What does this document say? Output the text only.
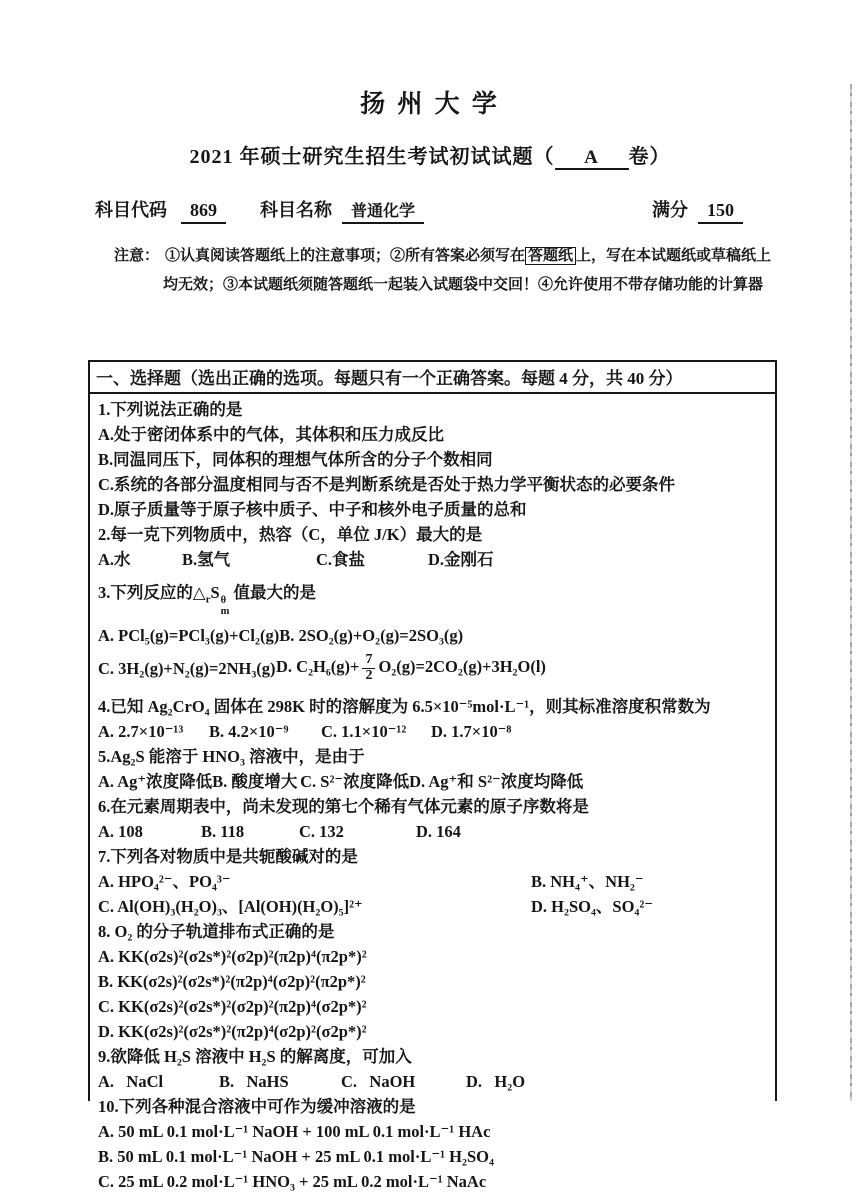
扬 州 大 学
2021 年硕士研究生招生考试初试试题（ A 卷）
科目代码	869	科目名称	普通化学	满分	150
注意： ①认真阅读答题纸上的注意事项；②所有答案必须写在 答题纸 上，写在本试题纸或草稿纸上
均无效；③本试题纸须随答题纸一起装入试题袋中交回！④允许使用不带存储功能的计算器
一、选择题（选出正确的选项。每题只有一个正确答案。每题 4 分，共 40 分）
1.下列说法正确的是
A.处于密闭体系中的气体，其体积和压力成反比
B.同温同压下，同体积的理想气体所含的分子个数相同
C.系统的各部分温度相同与否不是判断系统是否处于热力学平衡状态的必要条件
D.原子质量等于原子核中质子、中子和核外电子质量的总和
2.每一克下列物质中，热容（C，单位 J/K）最大的是
A.水	B.氢气	C.食盐	D.金刚石
3.下列反应的$\triangle_rS$ θ
m
值最大的是
A. PCl₅(g)=PCl₃(g)+Cl₂(g) B. 2SO₂(g)+O₂(g)=2SO₃(g)
C. 3H₂(g)+N₂(g)=2NH₃(g) D. $C_2H_6(g)+ \frac{7}{2} O_2(g)=2CO_2(g)+3H_2O(l)$
4.已知 Ag₂CrO₄ 固体在 298K 时的溶解度为 6.5×10⁻⁵mol·L⁻¹，则其标准溶度积常数为
A. 2.7×10⁻¹³	B. 4.2×10⁻⁹	C. 1.1×10⁻¹²	D. 1.7×10⁻⁸
5.Ag₂S 能溶于 HNO₃ 溶液中，是由于
A. Ag⁺浓度降低 B. 酸度增大 C. S²⁻浓度降低 D. Ag⁺和 S²⁻浓度均降低
6.在元素周期表中，尚未发现的第七个稀有气体元素的原子序数将是
A. 108	B. 118	C. 132	D. 164
7.下列各对物质中是共轭酸碱对的是
A. HPO₄²⁻、PO₄³⁻	B. NH₄⁺、NH₂⁻
C. Al(OH)₃(H₂O)₃、[Al(OH)(H₂O)₅]²⁺	D. H₂SO₄、SO₄²⁻
8. O₂ 的分子轨道排布式正确的是
A. KK(σ2s)²(σ2s*)²(σ2p)²(π2p)⁴(π2p*)²
B. KK(σ2s)²(σ2s*)²(π2p)⁴(σ2p)²(π2p*)²
C. KK(σ2s)²(σ2s*)²(σ2p)²(π2p)⁴(σ2p*)²
D. KK(σ2s)²(σ2s*)²(π2p)⁴(σ2p)²(σ2p*)²
9.欲降低 H₂S 溶液中 H₂S 的解离度，可加入
A.   NaCl	B.   NaHS	C.   NaOH	D.   H₂O
10.下列各种混合溶液中可作为缓冲溶液的是
A. 50 mL 0.1 mol·L⁻¹ NaOH + 100 mL 0.1 mol·L⁻¹ HAc
B. 50 mL 0.1 mol·L⁻¹ NaOH + 25 mL 0.1 mol·L⁻¹ H₂SO₄
C. 25 mL 0.2 mol·L⁻¹ HNO₃ + 25 mL 0.2 mol·L⁻¹ NaAc
